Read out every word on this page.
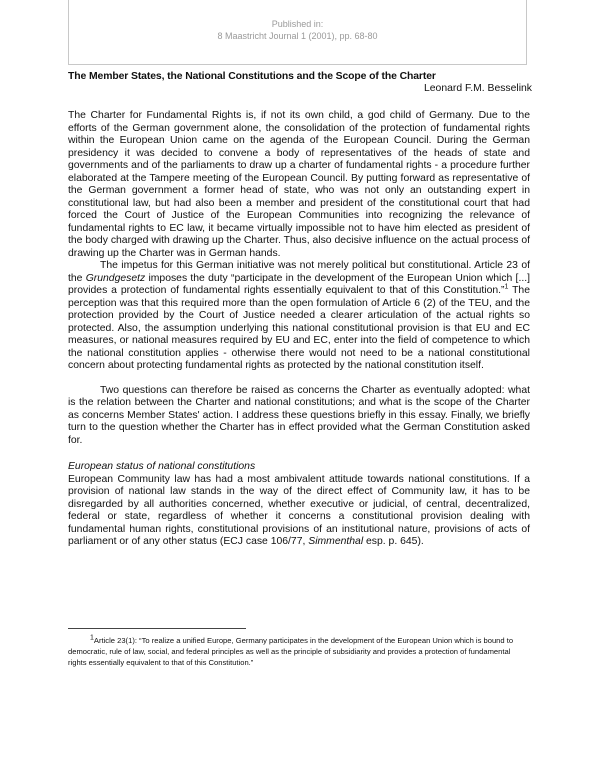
Published in:
8 Maastricht Journal 1 (2001), pp. 68-80
The Member States, the National Constitutions and the Scope of the Charter
Leonard F.M. Besselink

The Charter for Fundamental Rights is, if not its own child, a god child of Germany. Due to the efforts of the German government alone, the consolidation of the protection of fundamental rights within the European Union came on the agenda of the European Council. During the German presidency it was decided to convene a body of representatives of the heads of state and governments and of the parliaments to draw up a charter of fundamental rights - a procedure further elaborated at the Tampere meeting of the European Council. By putting forward as representative of the German government a former head of state, who was not only an outstanding expert in constitutional law, but had also been a member and president of the constitutional court that had forced the Court of Justice of the European Communities into recognizing the relevance of fundamental rights to EC law, it became virtually impossible not to have him elected as president of the body charged with drawing up the Charter. Thus, also decisive influence on the actual process of drawing up the Charter was in German hands.

The impetus for this German initiative was not merely political but constitutional. Article 23 of the Grundgesetz imposes the duty “participate in the development of the European Union which [...] provides a protection of fundamental rights essentially equivalent to that of this Constitution.”$^1$ The perception was that this required more than the open formulation of Article 6 (2) of the TEU, and the protection provided by the Court of Justice needed a clearer articulation of the actual rights so protected. Also, the assumption underlying this national constitutional provision is that EU and EC measures, or national measures required by EU and EC, enter into the field of competence to which the national constitution applies - otherwise there would not need to be a national constitutional concern about protecting fundamental rights as protected by the national constitution itself.

Two questions can therefore be raised as concerns the Charter as eventually adopted: what is the relation between the Charter and national constitutions; and what is the scope of the Charter as concerns Member States' action. I address these questions briefly in this essay. Finally, we briefly turn to the question whether the Charter has in effect provided what the German Constitution asked for.

European status of national constitutions

European Community law has had a most ambivalent attitude towards national constitutions. If a provision of national law stands in the way of the direct effect of Community law, it has to be disregarded by all authorities concerned, whether executive or judicial, of central, decentralized, federal or state, regardless of whether it concerns a constitutional provision dealing with fundamental human rights, constitutional provisions of an institutional nature, provisions of acts of parliament or of any other status (ECJ case 106/77, Simmenthal esp. p. 645).

$^1$Article 23(1): “To realize a unified Europe, Germany participates in the development of the European Union which is bound to democratic, rule of law, social, and federal principles as well as the principle of subsidiarity and provides a protection of fundamental rights essentially equivalent to that of this Constitution.”
